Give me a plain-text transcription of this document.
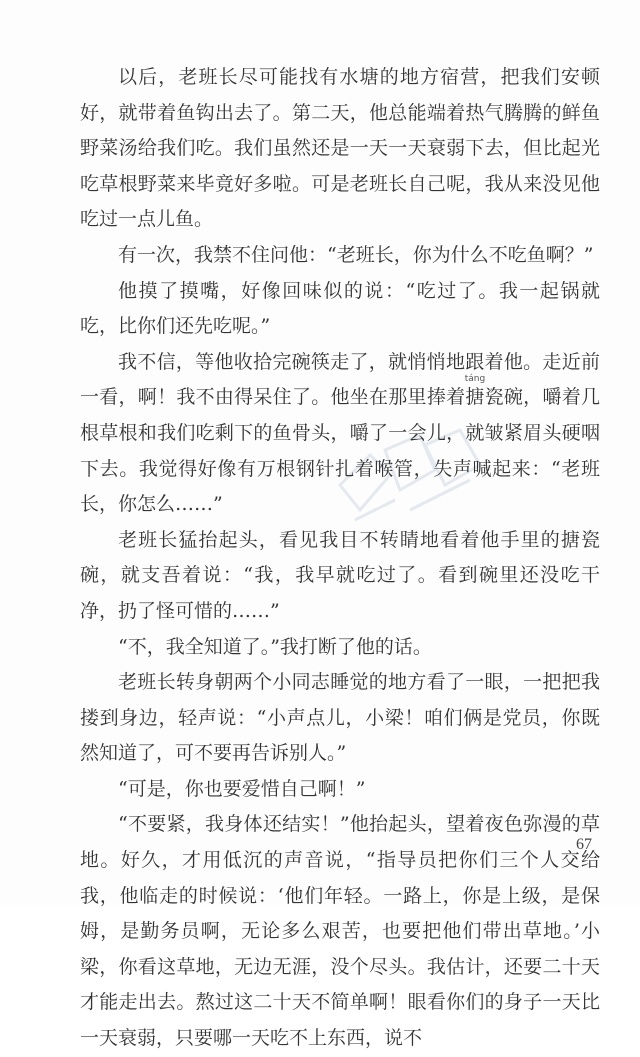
以后，老班长尽可能找有水塘的地方宿营，把我们安顿好，就带着鱼钩出去了。第二天，他总能端着热气腾腾的鲜鱼野菜汤给我们吃。我们虽然还是一天一天衰弱下去，但比起光吃草根野菜来毕竟好多啦。可是老班长自己呢，我从来没见他吃过一点儿鱼。

有一次，我禁不住问他：“老班长，你为什么不吃鱼啊？”

他摸了摸嘴，好像回味似的说：“吃过了。我一起锅就吃，比你们还先吃呢。”

我不信，等他收拾完碗筷走了，就悄悄地跟着他。走近前一看，啊！我不由得呆住了。他坐在那里捧着
táng
搪瓷碗，嚼着几根草根和我们吃剩下的鱼骨头，嚼了一会儿，就皱紧眉头硬咽下去。我觉得好像有万根钢针扎着喉管，失声喊起来：“老班长，你怎么……”

老班长猛抬起头，看见我目不转睛地看着他手里的搪瓷碗，就支吾着说：“我，我早就吃过了。看到碗里还没吃干净，扔了怪可惜的……”

“不，我全知道了。”我打断了他的话。

老班长转身朝两个小同志睡觉的地方看了一眼，一把把我搂到身边，轻声说：“小声点儿，小梁！咱们俩是党员，你既然知道了，可不要再告诉别人。”

“可是，你也要爱惜自己啊！”

“不要紧，我身体还结实！”他抬起头，望着夜色弥漫的草地。好久，才用低沉的声音说，“指导员把你们三个人交给我，他临走的时候说：‘他们年轻。一路上，你是上级，是保姆，是勤务员啊，无论多么艰苦，也要把他们带出草地。’小梁，你看这草地，无边无涯，没个尽头。我估计，还要二十天才能走出去。熬过这二十天不简单啊！眼看你们的身子一天比一天衰弱，只要哪一天吃不上东西，说不

67
